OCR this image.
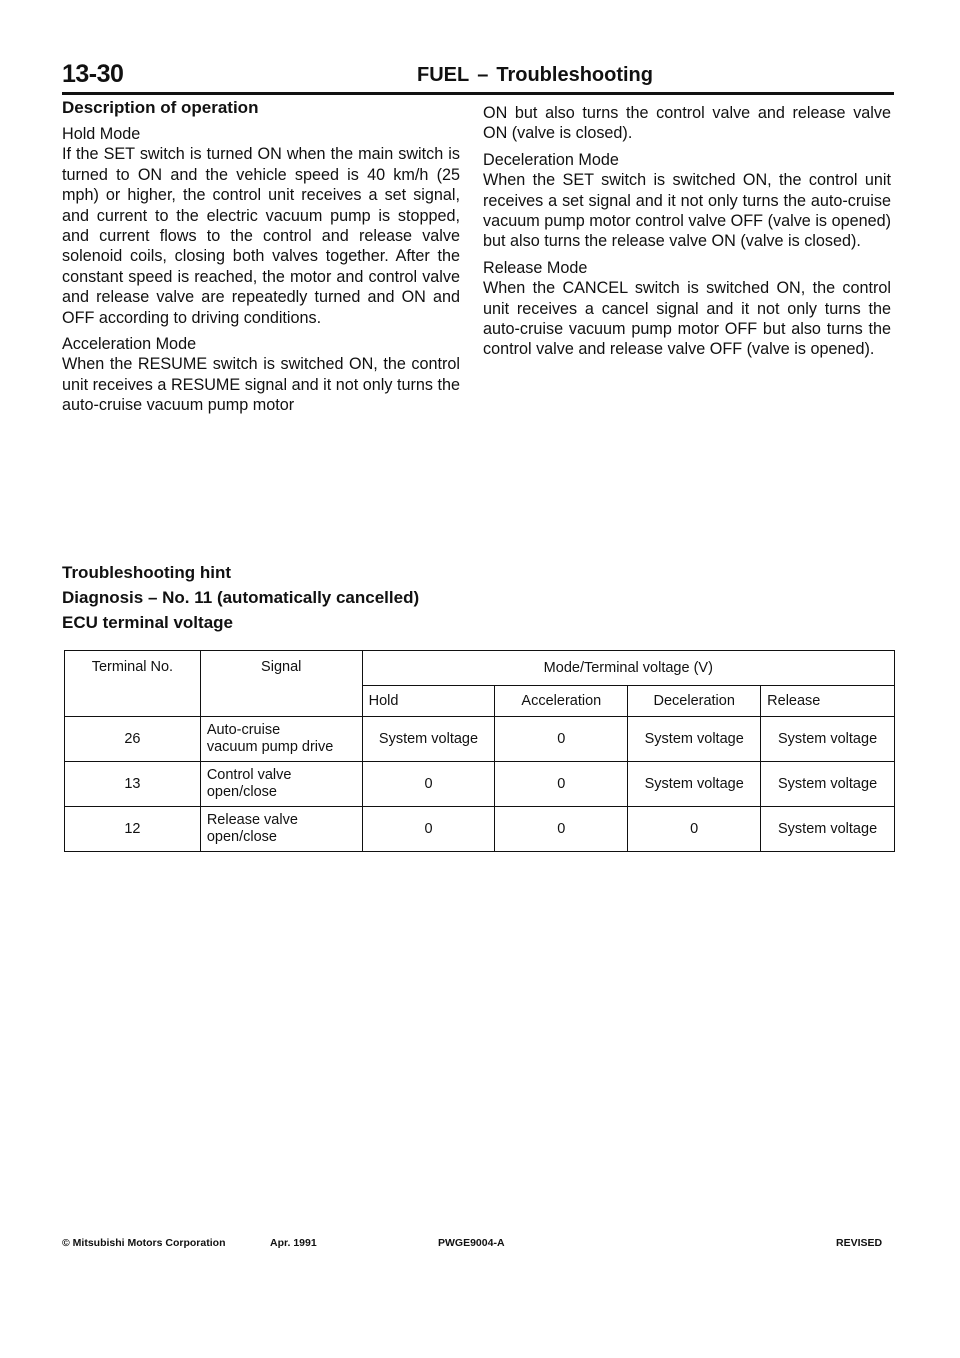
13-30	FUEL – Troubleshooting
Description of operation

Hold Mode
If the SET switch is turned ON when the main switch is turned to ON and the vehicle speed is 40 km/h (25 mph) or higher, the control unit receives a set signal, and current to the electric vacuum pump is stopped, and current flows to the control and release valve solenoid coils, closing both valves together. After the constant speed is reached, the motor and control valve and release valve are repeatedly turned and ON and OFF according to driving conditions.

Acceleration Mode
When the RESUME switch is switched ON, the control unit receives a RESUME signal and it not only turns the auto-cruise vacuum pump motor

ON but also turns the control valve and release valve ON (valve is closed).

Deceleration Mode
When the SET switch is switched ON, the control unit receives a set signal and it not only turns the auto-cruise vacuum pump motor control valve OFF (valve is opened) but also turns the release valve ON (valve is closed).

Release Mode
When the CANCEL switch is switched ON, the control unit receives a cancel signal and it not only turns the auto-cruise vacuum pump motor OFF but also turns the control valve and release valve OFF (valve is opened).

Troubleshooting hint
Diagnosis – No. 11 (automatically cancelled)
ECU terminal voltage
Terminal No.	Signal	Mode/Terminal voltage (V)			
		Hold	Acceleration	Deceleration	Release
26	Auto-cruise
vacuum pump drive	System voltage	0	System voltage	System voltage
13	Control valve
open/close	0	0	System voltage	System voltage
12	Release valve
open/close	0	0	0	System voltage
© Mitsubishi Motors Corporation	Apr. 1991	PWGE9004-A	REVISED
